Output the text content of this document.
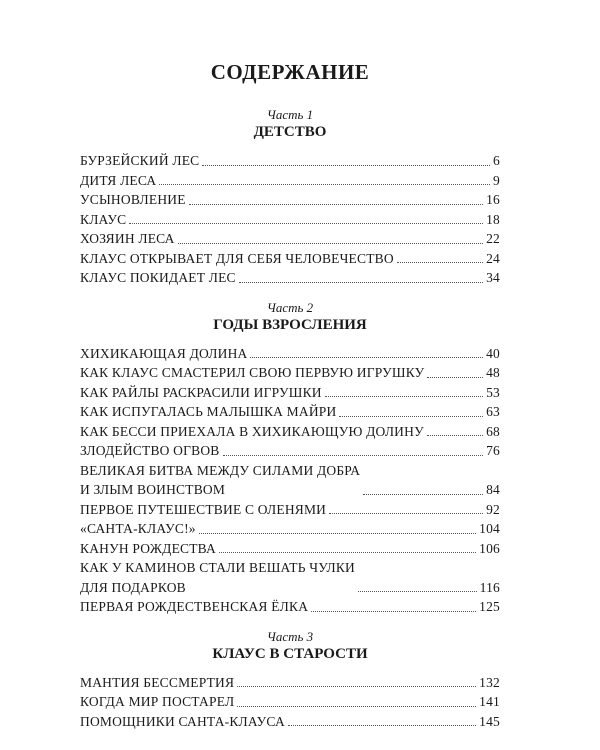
СОДЕРЖАНИЕ

Часть 1

ДЕТСТВО
БУРЗЕЙСКИЙ ЛЕС	6
ДИТЯ ЛЕСА	9
УСЫНОВЛЕНИЕ	16
КЛАУС	18
ХОЗЯИН ЛЕСА	22
КЛАУС ОТКРЫВАЕТ ДЛЯ СЕБЯ ЧЕЛОВЕЧЕСТВО	24
КЛАУС ПОКИДАЕТ ЛЕС	34

Часть 2

ГОДЫ ВЗРОСЛЕНИЯ
ХИХИКАЮЩАЯ ДОЛИНА	40
КАК КЛАУС СМАСТЕРИЛ СВОЮ ПЕРВУЮ ИГРУШКУ	48
КАК РАЙЛЫ РАСКРАСИЛИ ИГРУШКИ	53
КАК ИСПУГАЛАСЬ МАЛЫШКА МАЙРИ	63
КАК БЕССИ ПРИЕХАЛА В ХИХИКАЮЩУЮ ДОЛИНУ	68
ЗЛОДЕЙСТВО ОГВОВ	76
ВЕЛИКАЯ БИТВА МЕЖДУ СИЛАМИ ДОБРА
И ЗЛЫМ ВОИНСТВОМ	84
ПЕРВОЕ ПУТЕШЕСТВИЕ С ОЛЕНЯМИ	92
«САНТА-КЛАУС!»	104
КАНУН РОЖДЕСТВА	106
КАК У КАМИНОВ СТАЛИ ВЕШАТЬ ЧУЛКИ
ДЛЯ ПОДАРКОВ	116
ПЕРВАЯ РОЖДЕСТВЕНСКАЯ ЁЛКА	125

Часть 3

КЛАУС В СТАРОСТИ
МАНТИЯ БЕССМЕРТИЯ	132
КОГДА МИР ПОСТАРЕЛ	141
ПОМОЩНИКИ САНТА-КЛАУСА	145
